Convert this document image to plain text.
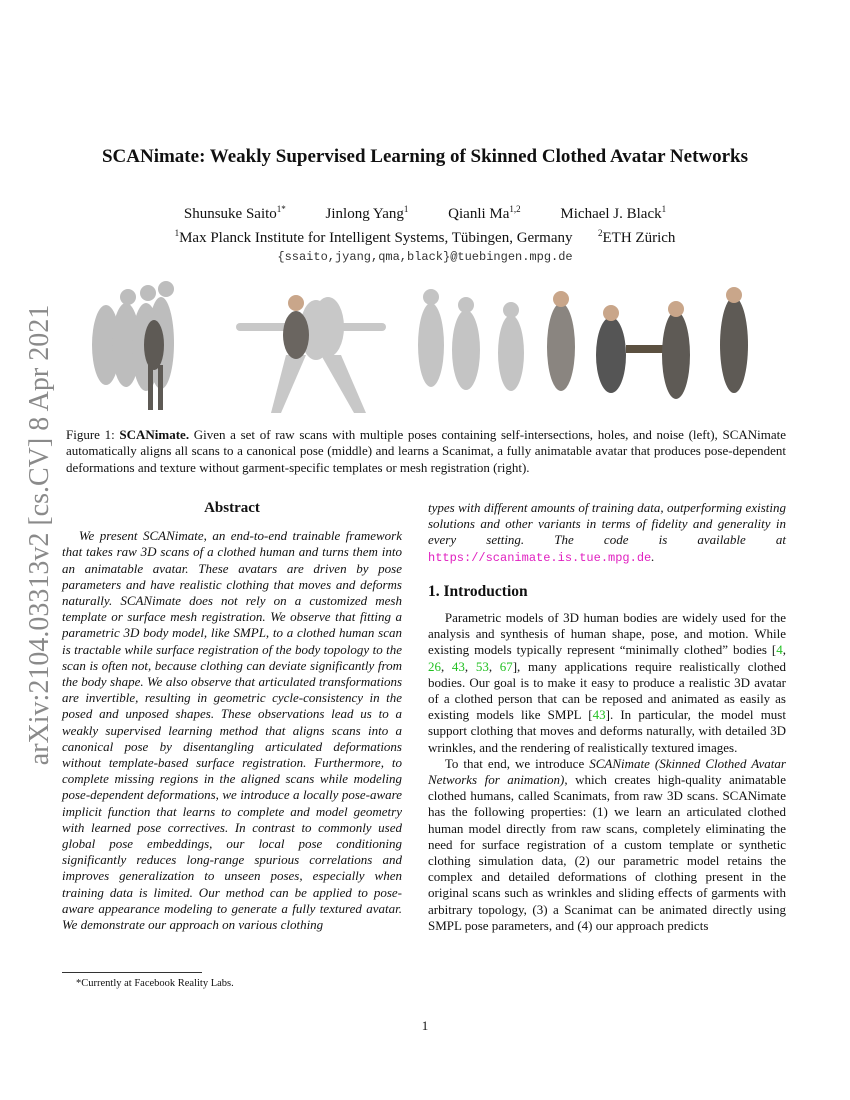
arXiv:2104.03313v2 [cs.CV] 8 Apr 2021
SCANimate: Weakly Supervised Learning of Skinned Clothed Avatar Networks
Shunsuke Saito$^{1*}$	Jinlong Yang$^1$	Qianli Ma$^{1,2}$	Michael J. Black$^1$
$^1$Max Planck Institute for Intelligent Systems, Tübingen, Germany	$^2$ETH Zürich
{ssaito,jyang,qma,black}@tuebingen.mpg.de
Figure 1: SCANimate. Given a set of raw scans with multiple poses containing self-intersections, holes, and noise (left), SCANimate automatically aligns all scans to a canonical pose (middle) and learns a Scanimat, a fully animatable avatar that produces pose-dependent deformations and texture without garment-specific templates or mesh registration (right).
Abstract

We present SCANimate, an end-to-end trainable framework that takes raw 3D scans of a clothed human and turns them into an animatable avatar. These avatars are driven by pose parameters and have realistic clothing that moves and deforms naturally. SCANimate does not rely on a customized mesh template or surface mesh registration. We observe that fitting a parametric 3D body model, like SMPL, to a clothed human scan is tractable while surface registration of the body topology to the scan is often not, because clothing can deviate significantly from the body shape. We also observe that articulated transformations are invertible, resulting in geometric cycle-consistency in the posed and unposed shapes. These observations lead us to a weakly supervised learning method that aligns scans into a canonical pose by disentangling articulated deformations without template-based surface registration. Furthermore, to complete missing regions in the aligned scans while modeling pose-dependent deformations, we introduce a locally pose-aware implicit function that learns to complete and model geometry with learned pose correctives. In contrast to commonly used global pose embeddings, our local pose conditioning significantly reduces long-range spurious correlations and improves generalization to unseen poses, especially when training data is limited. Our method can be applied to pose-aware appearance modeling to generate a fully textured avatar. We demonstrate our approach on various clothing

types with different amounts of training data, outperforming existing solutions and other variants in terms of fidelity and generality in every setting. The code is available at https://scanimate.is.tue.mpg.de.

1. Introduction

Parametric models of 3D human bodies are widely used for the analysis and synthesis of human shape, pose, and motion. While existing models typically represent “minimally clothed” bodies [4, 26, 43, 53, 67], many applications require realistically clothed bodies. Our goal is to make it easy to produce a realistic 3D avatar of a clothed person that can be reposed and animated as easily as existing models like SMPL [43]. In particular, the model must support clothing that moves and deforms naturally, with detailed 3D wrinkles, and the rendering of realistically textured images.

To that end, we introduce SCANimate (Skinned Clothed Avatar Networks for animation), which creates high-quality animatable clothed humans, called Scanimats, from raw 3D scans. SCANimate has the following properties: (1) we learn an articulated clothed human model directly from raw scans, completely eliminating the need for surface registration of a custom template or synthetic clothing simulation data, (2) our parametric model retains the complex and detailed deformations of clothing present in the original scans such as wrinkles and sliding effects of garments with arbitrary topology, (3) a Scanimat can be animated directly using SMPL pose parameters, and (4) our approach predicts

*Currently at Facebook Reality Labs.
1
